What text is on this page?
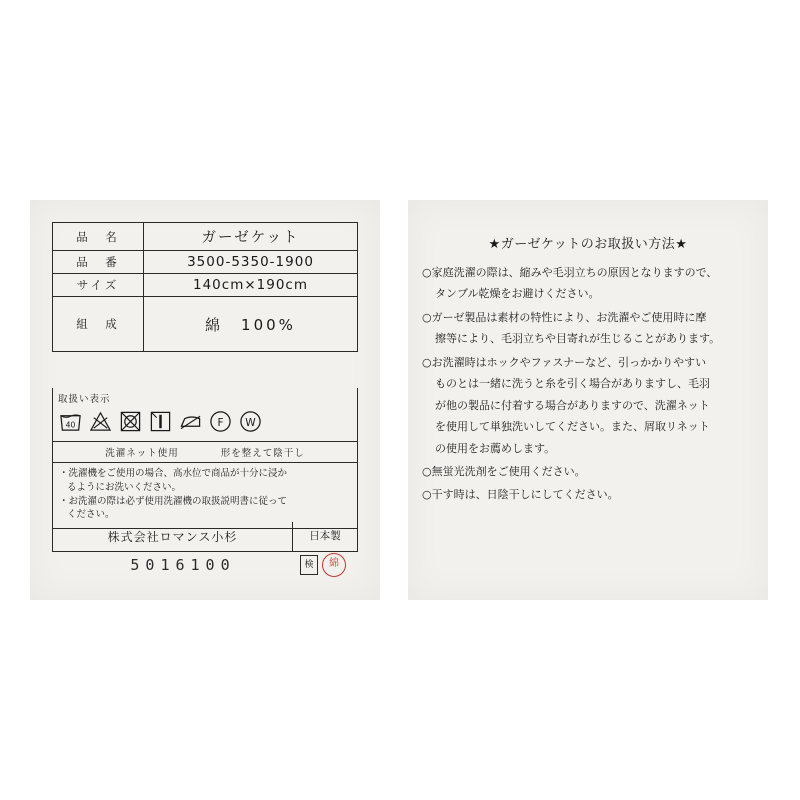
品　名	ガーゼケット
品　番	3500-5350-1900
サイズ	140cm×190cm
組　成	綿　100%
取扱い表示
40	F W
洗濯ネット使用	形を整えて陰干し
・洗濯機をご使用の場合、高水位で商品が十分に浸か
るようにお洗いください。
・お洗濯の際は必ず使用洗濯機の取扱説明書に従って
ください。
株式会社ロマンス小杉	日本製
5016100	検	綿
★ガーゼケットのお取扱い方法★
○家庭洗濯の際は、縮みや毛羽立ちの原因となりますので、
タンブル乾燥をお避けください。
○ガーゼ製品は素材の特性により、お洗濯やご使用時に摩
擦等により、毛羽立ちや目寄れが生じることがあります。
○お洗濯時はホックやファスナーなど、引っかかりやすい
ものとは一緒に洗うと糸を引く場合がありますし、毛羽
が他の製品に付着する場合がありますので、洗濯ネット
を使用して単独洗いしてください。また、屑取リネット
の使用をお薦めします。
○無蛍光洗剤をご使用ください。
○干す時は、日陰干しにしてください。
